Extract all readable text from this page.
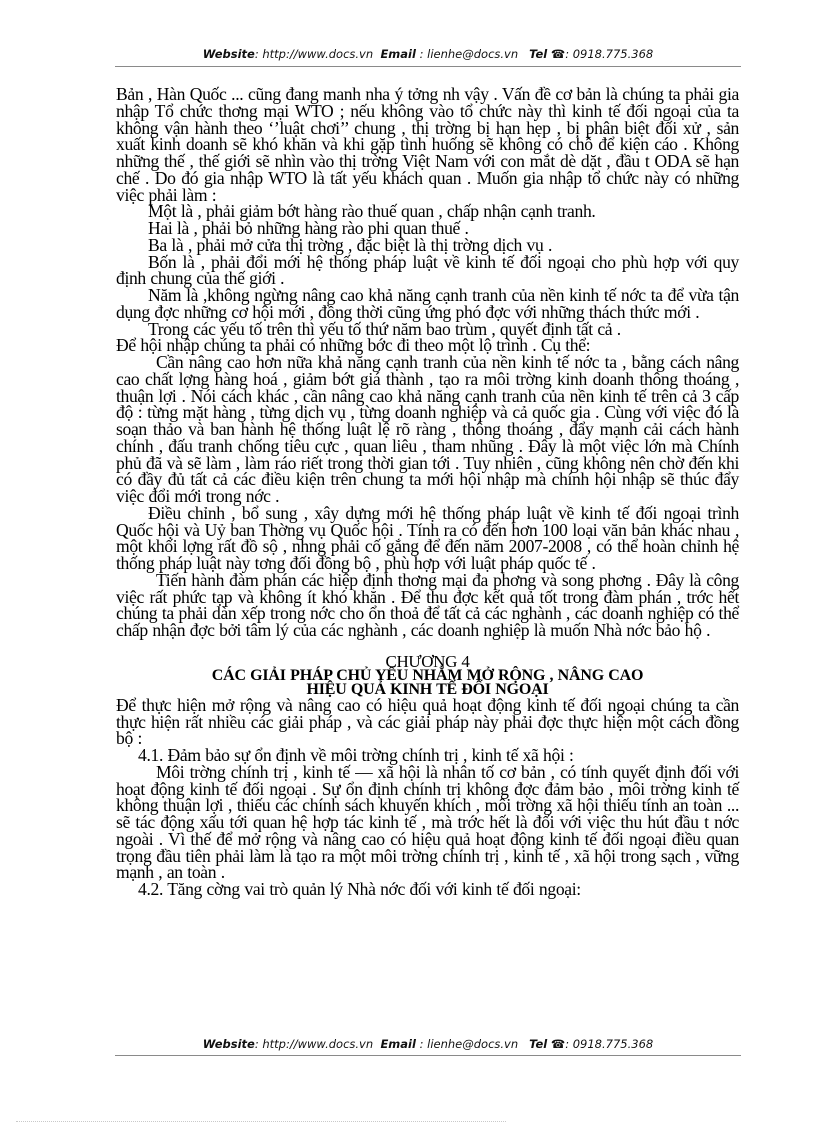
Website: http://www.docs.vn Email : lienhe@docs.vn Tel ☎: 0918.775.368

Bản , Hàn Quốc ... cũng đang manh nha ý tởng nh vậy . Vấn đề cơ bản là chúng ta phải gia nhập Tổ chức thơng mại WTO ; nếu không vào tổ chức này thì kinh tế đối ngoại của ta không vận hành theo ‘’luật chơi’’ chung , thị trờng bị hạn hẹp , bị phân biệt đối xử , sản xuất kinh doanh sẽ khó khăn và khi gặp tình huống sẽ không có chỗ để kiện cáo . Không những thế , thế giới sẽ nhìn vào thị trờng Việt Nam với con mắt dè dặt , đầu t ODA sẽ hạn chế . Do đó gia nhập WTO là tất yếu khách quan . Muốn gia nhập tổ chức này có những việc phải làm :

Một là , phải giảm bớt hàng rào thuế quan , chấp nhận cạnh tranh.

Hai là , phải bỏ những hàng rào phi quan thuế .

Ba là , phải mở cửa thị trờng , đặc biệt là thị trờng dịch vụ .

Bốn là , phải đổi mới hệ thống pháp luật về kinh tế đối ngoại cho phù hợp với quy định chung của thế giới .

Năm là ,không ngừng nâng cao khả năng cạnh tranh của nền kinh tế nớc ta để vừa tận dụng đợc những cơ hội mới , đồng thời cũng ứng phó đợc với những thách thức mới .

Trong các yếu tố trên thì yếu tố thứ năm bao trùm , quyết định tất cả .

Để hội nhập chúng ta phải có những bớc đi theo một lộ trình . Cụ thể:

Cần nâng cao hơn nữa khả năng cạnh tranh của nền kinh tế nớc ta , bằng cách nâng cao chất lợng hàng hoá , giảm bớt giá thành , tạo ra môi trờng kinh doanh thông thoáng , thuận lợi . Nói cách khác , cần nâng cao khả năng cạnh tranh của nền kinh tế trên cả 3 cấp độ : từng mặt hàng , từng dịch vụ , từng doanh nghiệp và cả quốc gia . Cùng với việc đó là soạn thảo và ban hành hệ thống luật lệ rõ ràng , thông thoáng , đẩy mạnh cải cách hành chính , đấu tranh chống tiêu cực , quan liêu , tham nhũng . Đây là một việc lớn mà Chính phủ đã và sẽ làm , làm ráo riết trong thời gian tới . Tuy nhiên , cũng không nên chờ đến khi có đầy đủ tất cả các điều kiện trên chung ta mới hội nhập mà chính hội nhập sẽ thúc đẩy việc đổi mới trong nớc .

Điều chỉnh , bổ sung , xây dựng mới hệ thống pháp luật về kinh tế đối ngoại trình Quốc hội và Uỷ ban Thờng vụ Quốc hội . Tính ra có đến hơn 100 loại văn bản khác nhau , một khối lợng rất đồ sộ , nhng phải cố gắng để đến năm 2007-2008 , có thể hoàn chỉnh hệ thống pháp luật này tơng đối đồng bộ , phù hợp với luật pháp quốc tế .

Tiến hành đàm phán các hiệp định thơng mại đa phơng và song phơng . Đây là công việc rất phức tạp và không ít khó khăn . Để thu đợc kết quả tốt trong đàm phán , trớc hết chúng ta phải dàn xếp trong nớc cho ổn thoả để tất cả các nghành , các doanh nghiệp có thể chấp nhận đợc bởi tâm lý của các nghành , các doanh nghiệp là muốn Nhà nớc bảo hộ .

CHƯƠNG 4

CÁC GIẢI PHÁP CHỦ YẾU NHẰM MỞ RỘNG , NÂNG CAO

HIỆU QUẢ KINH TẾ ĐỐI NGOẠI

Để thực hiện mở rộng và nâng cao có hiệu quả hoạt động kinh tế đối ngoại chúng ta cần thực hiện rất nhiều các giải pháp , và các giải pháp này phải đợc thực hiện một cách đồng bộ :

4.1. Đảm bảo sự ổn định về môi trờng chính trị , kinh tế xã hội :

Môi trờng chính trị , kinh tế — xã hội là nhân tố cơ bản , có tính quyết định đối với hoạt động kinh tế đối ngoại . Sự ổn định chính trị không đợc đảm bảo , môi trờng kinh tế không thuận lợi , thiếu các chính sách khuyến khích , môi trờng xã hội thiếu tính an toàn ... sẽ tác động xấu tới quan hệ hợp tác kinh tế , mà trớc hết là đối với việc thu hút đầu t nớc ngoài . Vì thế để mở rộng và nâng cao có hiệu quả hoạt động kinh tế đối ngoại điều quan trọng đầu tiên phải làm là tạo ra một môi trờng chính trị , kinh tế , xã hội trong sạch , vững mạnh , an toàn .

4.2. Tăng cờng vai trò quản lý Nhà nớc đối với kinh tế đối ngoại:

Website: http://www.docs.vn Email : lienhe@docs.vn Tel ☎: 0918.775.368
